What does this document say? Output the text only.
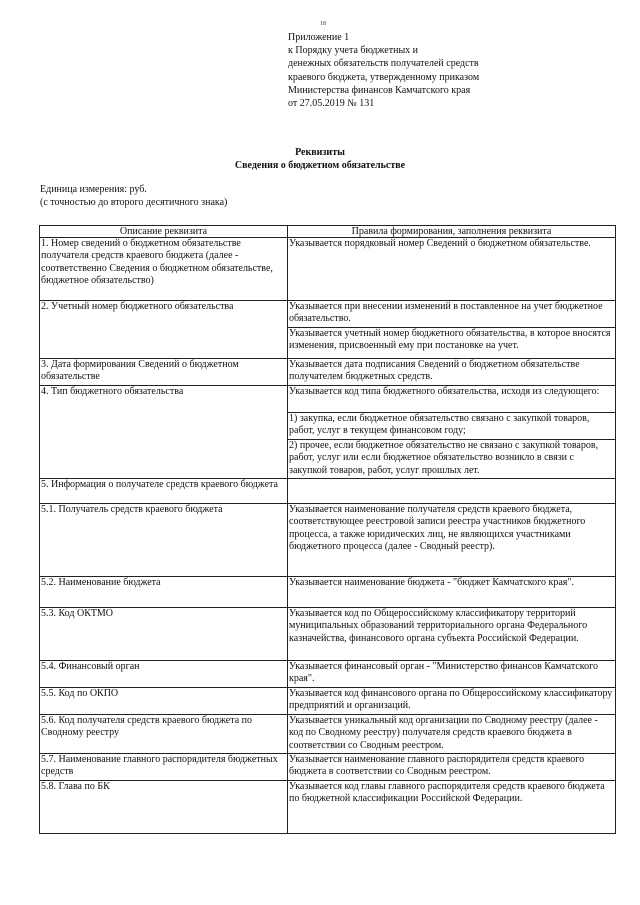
18
Приложение 1
к Порядку учета бюджетных и
денежных обязательств получателей средств
краевого бюджета, утвержденному приказом
Министерства финансов Камчатского края
от 27.05.2019 № 131
Реквизиты
Сведения о бюджетном обязательстве
Единица измерения: руб.
(с точностью до второго десятичного знака)
Описание реквизита	Правила формирования, заполнения реквизита
1. Номер сведений о бюджетном обязательстве получателя средств краевого бюджета (далее - соответственно Сведения о бюджетном обязательстве, бюджетное обязательство)	Указывается порядковый номер Сведений о бюджетном обязательстве.
2. Учетный номер бюджетного обязательства	Указывается при внесении изменений в поставленное на учет бюджетное обязательство.
	Указывается учетный номер бюджетного обязательства, в которое вносятся изменения, присвоенный ему при постановке на учет.
3. Дата формирования Сведений о бюджетном обязательстве	Указывается дата подписания Сведений о бюджетном обязательстве получателем бюджетных средств.
4. Тип бюджетного обязательства	Указывается код типа бюджетного обязательства, исходя из следующего:
	1) закупка, если бюджетное обязательство связано с закупкой товаров, работ, услуг в текущем финансовом году;
	2) прочее, если бюджетное обязательство не связано с закупкой товаров, работ, услуг или если бюджетное обязательство возникло в связи с закупкой товаров, работ, услуг прошлых лет.
5. Информация о получателе средств краевого бюджета	
5.1. Получатель средств краевого бюджета	Указывается наименование получателя средств краевого бюджета, соответствующее реестровой записи реестра участников бюджетного процесса, а также юридических лиц, не являющихся участниками бюджетного процесса (далее - Сводный реестр).
5.2. Наименование бюджета	Указывается наименование бюджета - "бюджет Камчатского края".
5.3. Код ОКТМО	Указывается код по Общероссийскому классификатору территорий муниципальных образований территориального органа Федерального казначейства, финансового органа субъекта Российской Федерации.
5.4. Финансовый орган	Указывается финансовый орган - "Министерство финансов Камчатского края".
5.5. Код по ОКПО	Указывается код финансового органа по Общероссийскому классификатору предприятий и организаций.
5.6. Код получателя средств краевого бюджета по Сводному реестру	Указывается уникальный код организации по Сводному реестру (далее - код по Сводному реестру) получателя средств краевого бюджета в соответствии со Сводным реестром.
5.7. Наименование главного распорядителя бюджетных средств	Указывается наименование главного распорядителя средств краевого бюджета в соответствии со Сводным реестром.
5.8. Глава по БК	Указывается код главы главного распорядителя средств краевого бюджета по бюджетной классификации Российской Федерации.
